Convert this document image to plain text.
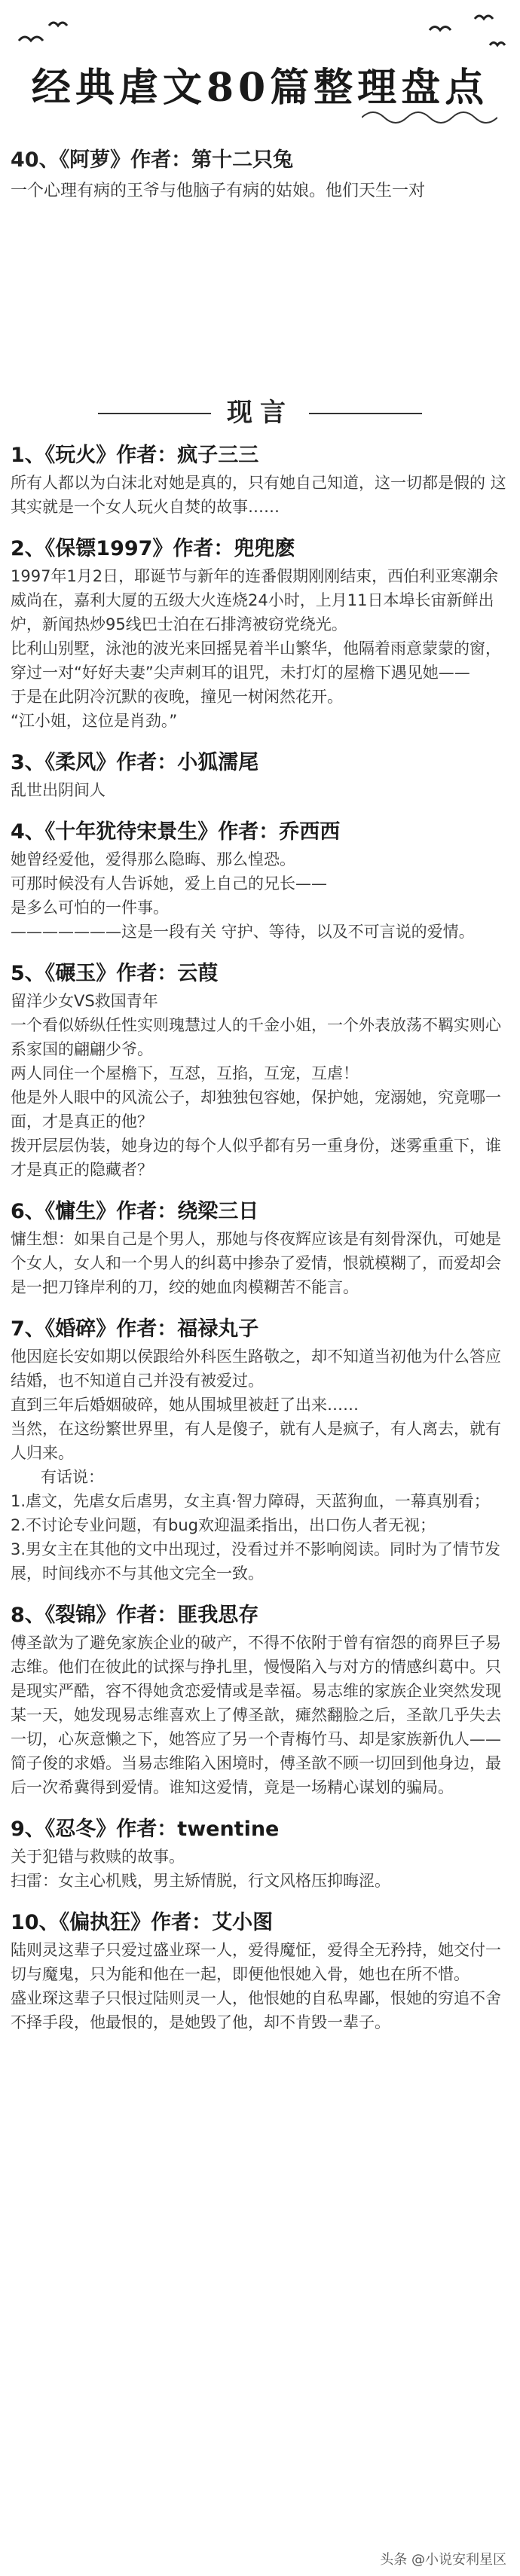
经典虐文80篇整理盘点
40、《阿萝》作者：第十二只兔
一个心理有病的王爷与他脑子有病的姑娘。他们天生一对
现言
1、《玩火》作者：疯子三三
所有人都以为白沫北对她是真的，只有她自己知道，这一切都是假的 这其实就是一个女人玩火自焚的故事……
2、《保镖1997》作者：兜兜麽
1997年1月2日，耶诞节与新年的连番假期刚刚结束，西伯利亚寒潮余威尚在，嘉利大厦的五级大火连烧24小时，上月11日本埠长宙新鲜出炉，新闻热炒95线巴士泊在石排湾被窃党绕光。
比利山别墅，泳池的波光来回摇晃着半山繁华，他隔着雨意蒙蒙的窗，穿过一对“好好夫妻”尖声刺耳的诅咒，未打灯的屋檐下遇见她——
于是在此阴冷沉默的夜晚，撞见一树闲然花开。
“江小姐，这位是肖劲。”
3、《柔风》作者：小狐濡尾
乱世出阴间人
4、《十年犹待宋景生》作者：乔西西
她曾经爱他，爱得那么隐晦、那么惶恐。
可那时候没有人告诉她，爱上自己的兄长——
是多么可怕的一件事。
———————这是一段有关 守护、等待，以及不可言说的爱情。
5、《碾玉》作者：云葭
留洋少女VS救国青年
一个看似娇纵任性实则瑰慧过人的千金小姐，一个外表放荡不羁实则心系家国的翩翩少爷。
两人同住一个屋檐下，互怼，互掐，互宠，互虐！
他是外人眼中的风流公子，却独独包容她，保护她，宠溺她，究竟哪一面，才是真正的他？
拨开层层伪装，她身边的每个人似乎都有另一重身份，迷雾重重下，谁才是真正的隐藏者？
6、《慵生》作者：绕梁三日
慵生想：如果自己是个男人，那她与佟夜辉应该是有刻骨深仇，可她是个女人，女人和一个男人的纠葛中掺杂了爱情，恨就模糊了，而爱却会是一把刀锋岸利的刀，绞的她血肉模糊苦不能言。
7、《婚碎》作者：福禄丸子
他因庭长安如期以侯跟给外科医生路敬之，却不知道当初他为什么答应结婚，也不知道自己并没有被爱过。
直到三年后婚姻破碎，她从围城里被赶了出来……
当然，在这纷繁世界里，有人是傻子，就有人是疯子，有人离去，就有人归来。
有话说：
1.虐文，先虐女后虐男，女主真·智力障碍，天蓝狗血，一幕真别看；
2.不讨论专业问题，有bug欢迎温柔指出，出口伤人者无视；
3.男女主在其他的文中出现过，没看过并不影响阅读。同时为了情节发展，时间线亦不与其他文完全一致。
8、《裂锦》作者：匪我思存
傅圣歆为了避免家族企业的破产，不得不依附于曾有宿怨的商界巨子易志维。他们在彼此的试探与挣扎里，慢慢陷入与对方的情感纠葛中。只是现实严酷，容不得她贪恋爱情或是幸福。易志维的家族企业突然发现某一天，她发现易志维喜欢上了傅圣歆，瘫然翻脸之后，圣歆几乎失去一切，心灰意懒之下，她答应了另一个青梅竹马、却是家族新仇人——简子俊的求婚。当易志维陷入困境时，傅圣歆不顾一切回到他身边，最后一次希冀得到爱情。谁知这爱情，竟是一场精心谋划的骗局。
9、《忍冬》作者：twentine
关于犯错与救赎的故事。
扫雷：女主心机贱，男主矫情脱，行文风格压抑晦涩。
10、《偏执狂》作者：艾小图
陆则灵这辈子只爱过盛业琛一人，爱得魔怔，爱得全无矜持，她交付一切与魔鬼，只为能和他在一起，即便他恨她入骨，她也在所不惜。
盛业琛这辈子只恨过陆则灵一人，他恨她的自私卑鄙，恨她的穷追不舍不择手段，他最恨的，是她毁了他，却不肯毁一辈子。
头条 @小说安利星区
